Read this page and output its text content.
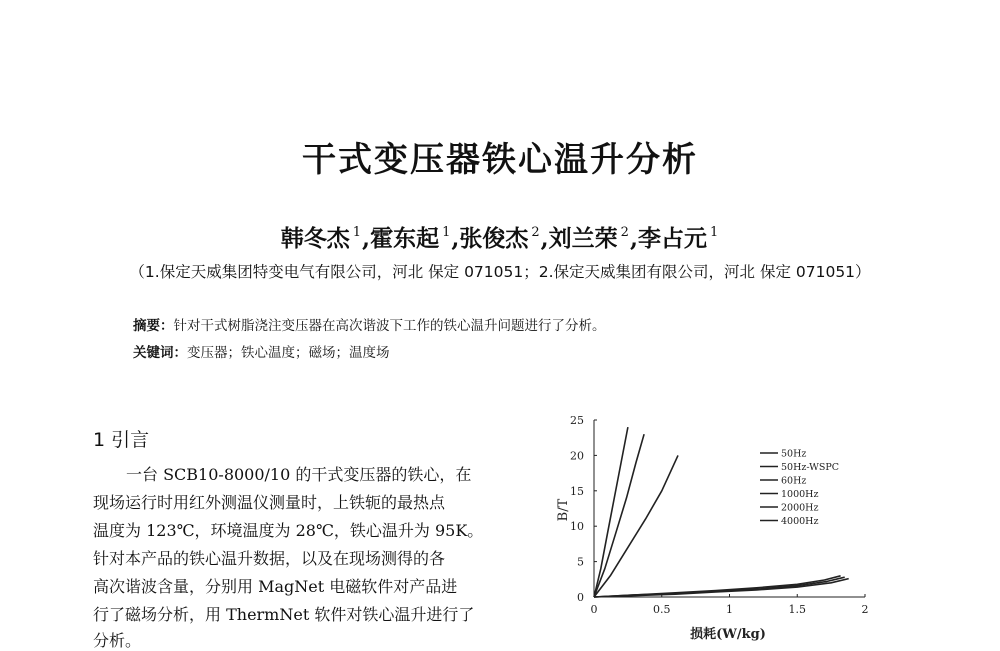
干式变压器铁心温升分析
韩冬杰 $^1$,霍东起 $^1$,张俊杰 $^2$,刘兰荣 $^2$,李占元 $^1$
（1.保定天威集团特变电气有限公司，河北 保定 071051；2.保定天威集团有限公司，河北 保定 071051）
摘要：针对干式树脂浇注变压器在高次谐波下工作的铁心温升问题进行了分析。
关键词：变压器；铁心温度；磁场；温度场
1 引言
一台 SCB10-8000/10 的干式变压器的铁心，在
现场运行时用红外测温仪测量时，上铁轭的最热点
温度为 123℃，环境温度为 28℃，铁心温升为 95K。
针对本产品的铁心温升数据，以及在现场测得的各
高次谐波含量，分别用 MagNet 电磁软件对产品进
行了磁场分析，用 ThermNet 软件对铁心温升进行了
分析。
B/T
损耗(W/kg)
0	0.5	1	1.5	2
0
5
10
15
20
25
50Hz
50Hz-WSPC
60Hz
1000Hz
2000Hz
4000Hz
